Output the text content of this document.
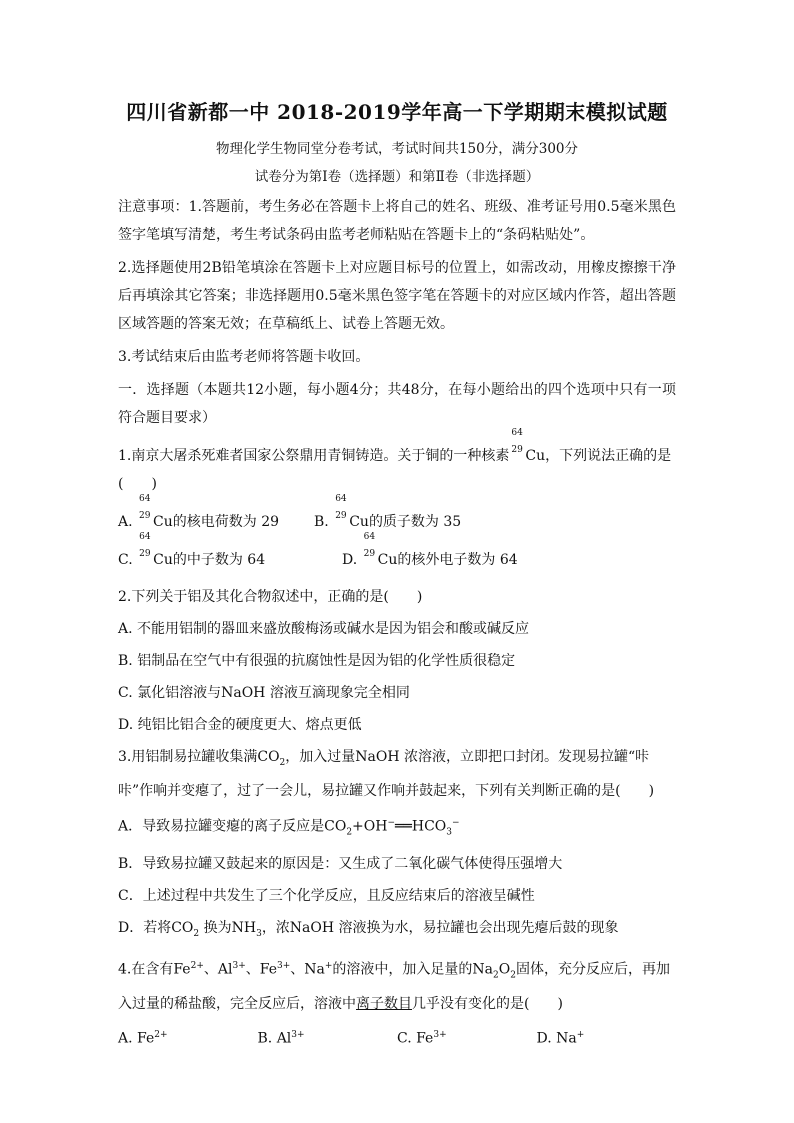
四川省新都一中 2018-2019学年高一下学期期末模拟试题

物理化学生物同堂分卷考试，考试时间共150分，满分300分

试卷分为第Ⅰ卷（选择题）和第Ⅱ卷（非选择题）

注意事项：1.答题前，考生务必在答题卡上将自己的姓名、班级、准考证号用0.5毫米黑色签字笔填写清楚，考生考试条码由监考老师粘贴在答题卡上的“条码粘贴处”。

2.选择题使用2B铅笔填涂在答题卡上对应题目标号的位置上，如需改动，用橡皮擦擦干净后再填涂其它答案；非选择题用0.5毫米黑色签字笔在答题卡的对应区域内作答，超出答题区域答题的答案无效；在草稿纸上、试卷上答题无效。

3.考试结束后由监考老师将答题卡收回。

一．选择题（本题共12小题，每小题4分；共48分，在每小题给出的四个选项中只有一项符合题目要求）

1.南京大屠杀死难者国家公祭鼎用青铜铸造。关于铜的一种核素
64
29 Cu，下列说法正确的是(　　)

A.
64
29 Cu的核电荷数为 29	B.
64
29 Cu的质子数为 35
C.
64
29 Cu的中子数为 64	D.
64
29 Cu的核外电子数为 64

2.下列关于铝及其化合物叙述中，正确的是(　　)

A. 不能用铝制的器皿来盛放酸梅汤或碱水是因为铝会和酸或碱反应

B. 铝制品在空气中有很强的抗腐蚀性是因为铝的化学性质很稳定

C. 氯化铝溶液与NaOH 溶液互滴现象完全相同

D. 纯铝比铝合金的硬度更大、熔点更低

3.用铝制易拉罐收集满$CO_2$，加入过量NaOH 浓溶液，立即把口封闭。发现易拉罐“咔咔”作响并变瘪了，过了一会儿，易拉罐又作响并鼓起来，下列有关判断正确的是(　　)

A．导致易拉罐变瘪的离子反应是$CO_2+OH^-══HCO_3^-$

B．导致易拉罐又鼓起来的原因是：又生成了二氧化碳气体使得压强增大

C．上述过程中共发生了三个化学反应，且反应结束后的溶液呈碱性

D．若将$CO_2$ 换为$NH_3$，浓NaOH 溶液换为水，易拉罐也会出现先瘪后鼓的现象

4.在含有$Fe^{2+}$、$Al^{3+}$、$Fe^{3+}$、Na+的溶液中，加入足量的$Na_2O_2$固体，充分反应后，再加入过量的稀盐酸，完全反应后，溶液中离子数目几乎没有变化的是(　　)

A. $Fe^{2+}$	B. $Al^{3+}$	C. $Fe^{3+}$	D. Na+
